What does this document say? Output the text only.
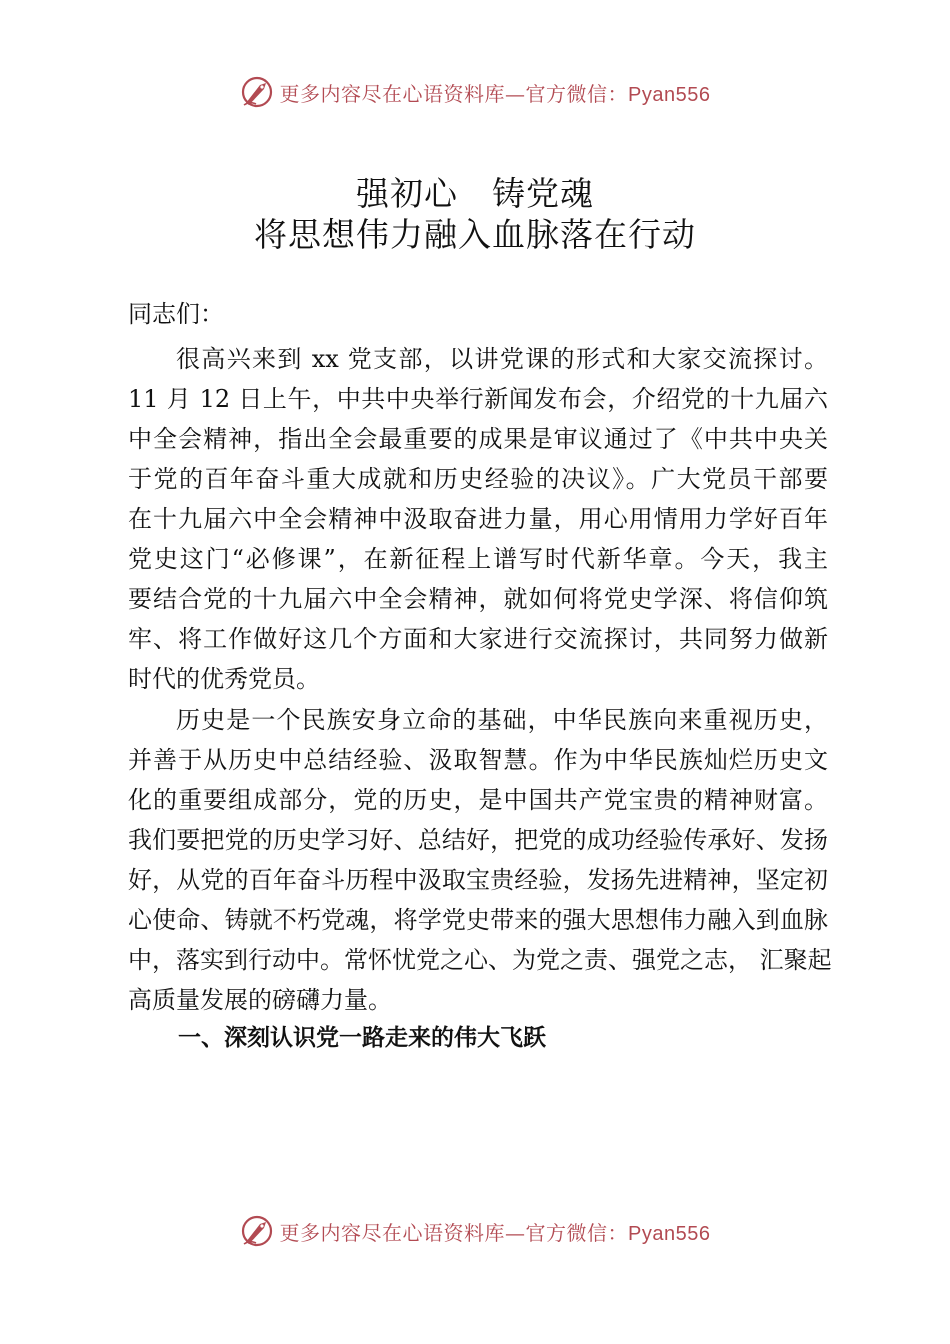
更多内容尽在心语资料库—官方微信：Pyan556
强初心 铸党魂
将思想伟力融入血脉落在行动
同志们：
很高兴来到 xx 党支部，以讲党课的形式和大家交流探讨。
11 月 12 日上午，中共中央举行新闻发布会，介绍党的十九届六
中全会精神，指出全会最重要的成果是审议通过了《中共中央关
于党的百年奋斗重大成就和历史经验的决议》。广大党员干部要
在十九届六中全会精神中汲取奋进力量，用心用情用力学好百年
党史这门“必修课”，在新征程上谱写时代新华章。今天，我主
要结合党的十九届六中全会精神，就如何将党史学深、将信仰筑
牢、将工作做好这几个方面和大家进行交流探讨，共同努力做新
时代的优秀党员。
历史是一个民族安身立命的基础，中华民族向来重视历史，
并善于从历史中总结经验、汲取智慧。作为中华民族灿烂历史文
化的重要组成部分，党的历史，是中国共产党宝贵的精神财富。
我们要把党的历史学习好、总结好，把党的成功经验传承好、发扬
好，从党的百年奋斗历程中汲取宝贵经验，发扬先进精神，坚定初
心使命、铸就不朽党魂，将学党史带来的强大思想伟力融入到血脉
中，落实到行动中。常怀忧党之心、为党之责、强党之志， 汇聚起
高质量发展的磅礴力量。
一、深刻认识党一路走来的伟大飞跃
更多内容尽在心语资料库—官方微信：Pyan556
